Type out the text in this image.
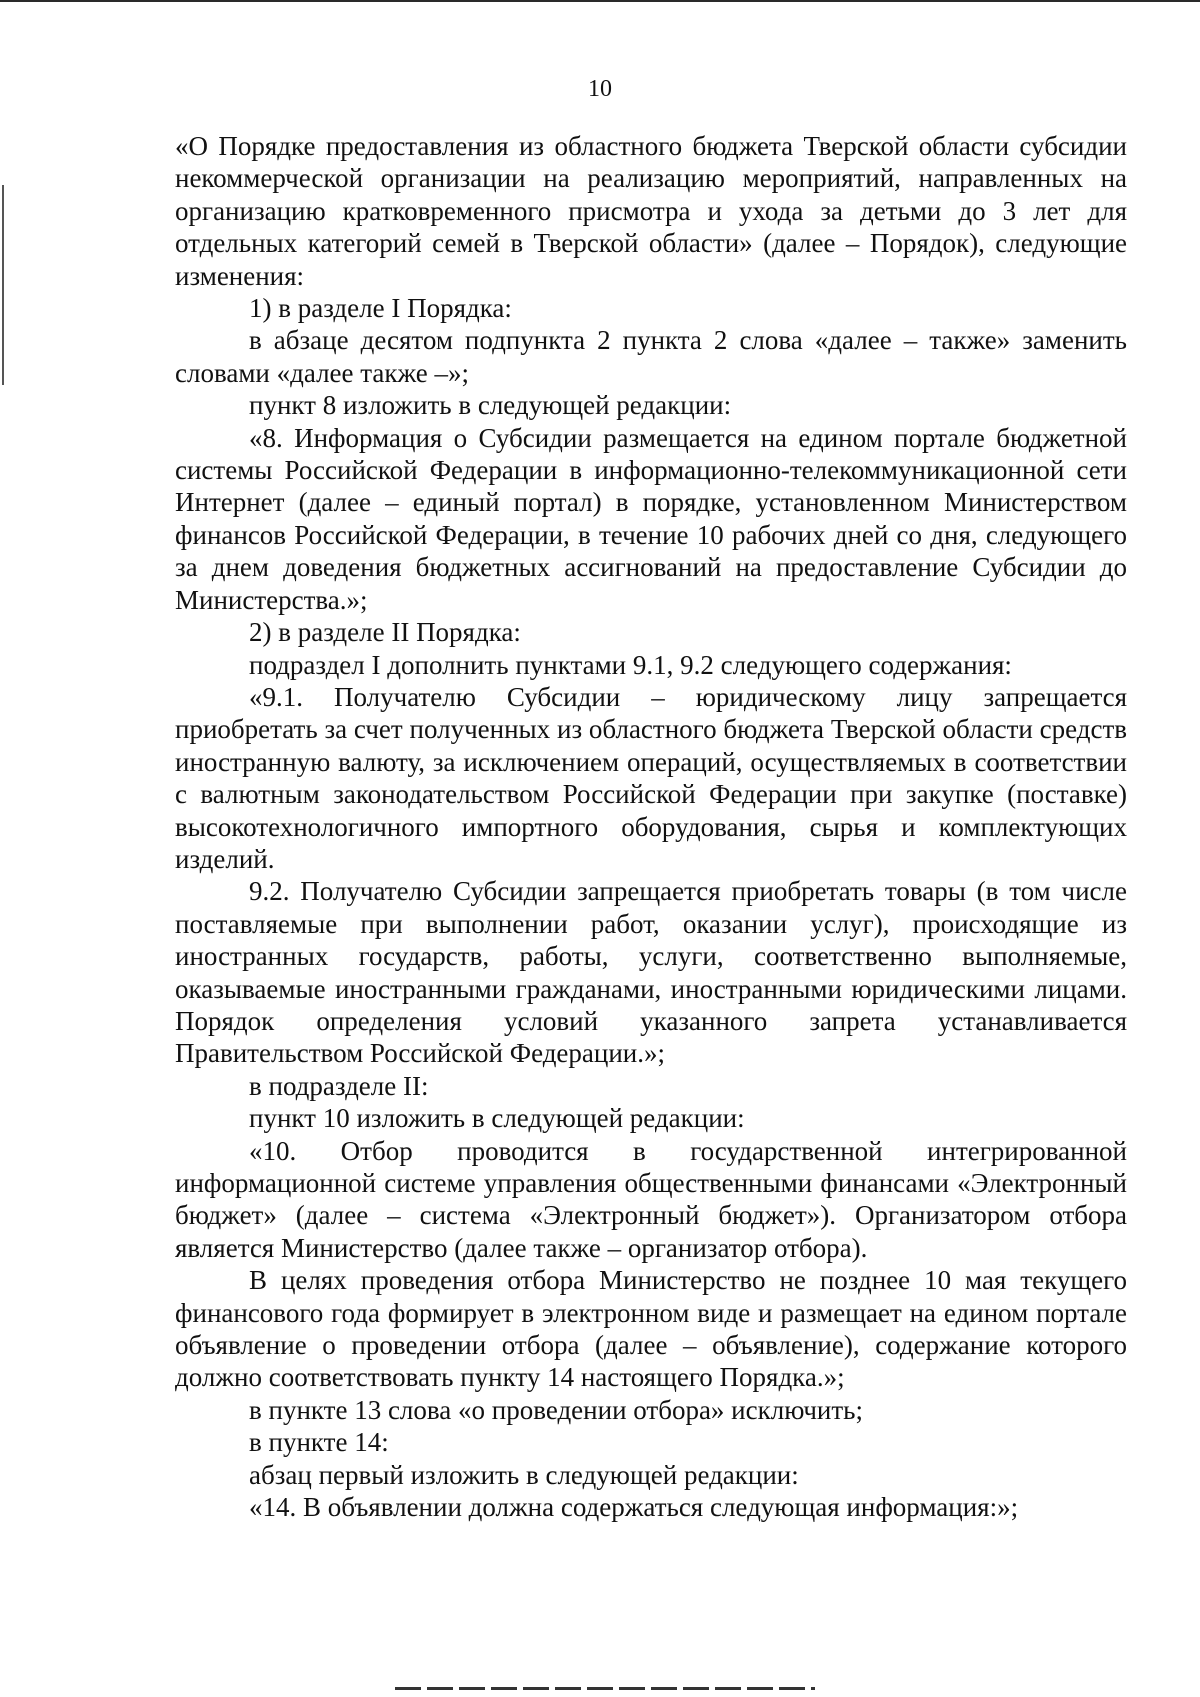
10

«О Порядке предоставления из областного бюджета Тверской области субсидии некоммерческой организации на реализацию мероприятий, направленных на организацию кратковременного присмотра и ухода за детьми до 3 лет для отдельных категорий семей в Тверской области» (далее – Порядок), следующие изменения:

1) в разделе I Порядка:

в абзаце десятом подпункта 2 пункта 2 слова «далее – также» заменить словами «далее также –»;

пункт 8 изложить в следующей редакции:

«8. Информация о Субсидии размещается на едином портале бюджетной системы Российской Федерации в информационно-телекоммуникационной сети Интернет (далее – единый портал) в порядке, установленном Министерством финансов Российской Федерации, в течение 10 рабочих дней со дня, следующего за днем доведения бюджетных ассигнований на предоставление Субсидии до Министерства.»;

2) в разделе II Порядка:

подраздел I дополнить пунктами 9.1, 9.2 следующего содержания:

«9.1. Получателю Субсидии – юридическому лицу запрещается приобретать за счет полученных из областного бюджета Тверской области средств иностранную валюту, за исключением операций, осуществляемых в соответствии с валютным законодательством Российской Федерации при закупке (поставке) высокотехнологичного импортного оборудования, сырья и комплектующих изделий.

9.2. Получателю Субсидии запрещается приобретать товары (в том числе поставляемые при выполнении работ, оказании услуг), происходящие из иностранных государств, работы, услуги, соответственно выполняемые, оказываемые иностранными гражданами, иностранными юридическими лицами. Порядок определения условий указанного запрета устанавливается Правительством Российской Федерации.»;

в подразделе II:

пункт 10 изложить в следующей редакции:

«10. Отбор проводится в государственной интегрированной информационной системе управления общественными финансами «Электронный бюджет» (далее – система «Электронный бюджет»). Организатором отбора является Министерство (далее также – организатор отбора).

В целях проведения отбора Министерство не позднее 10 мая текущего финансового года формирует в электронном виде и размещает на едином портале объявление о проведении отбора (далее – объявление), содержание которого должно соответствовать пункту 14 настоящего Порядка.»;

в пункте 13 слова «о проведении отбора» исключить;

в пункте 14:

абзац первый изложить в следующей редакции:

«14. В объявлении должна содержаться следующая информация:»;
